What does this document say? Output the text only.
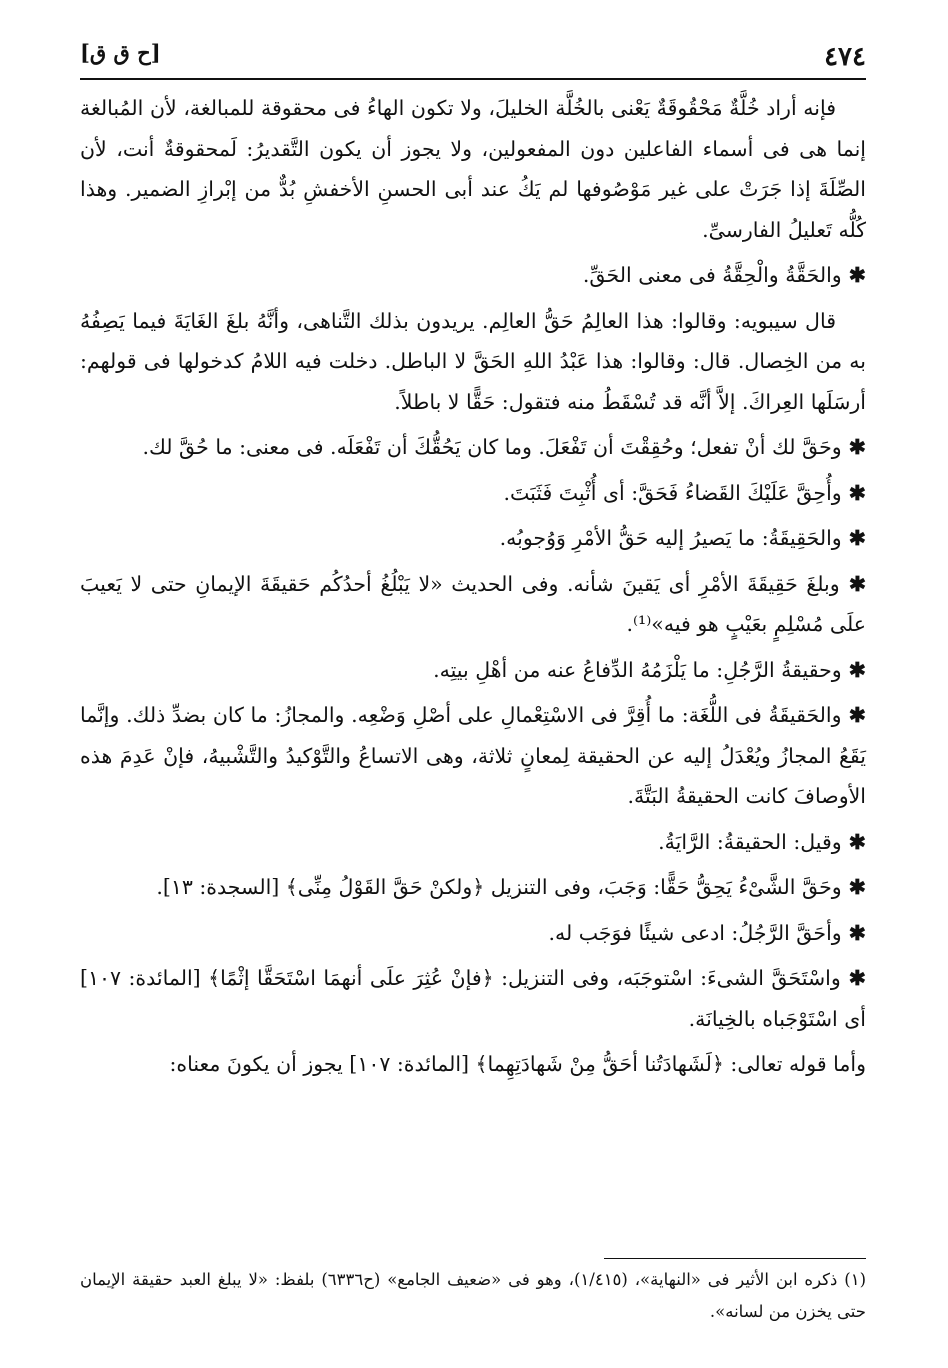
[ح ق ق]	٤٧٤

فإنه أراد خُلَّةٌ مَحْقُوقَةٌ يَعْنى بالخُلَّة الخليلَ، ولا تكون الهاءُ فى محقوقة للمبالغة، لأن المُبالغة إنما هى فى أسماء الفاعلين دون المفعولين، ولا يجوز أن يكون التَّقديرُ: لَمحقوقةٌ أنت، لأن الصِّلَةَ إذا جَرَتْ على غير مَوْصُوفها لم يَكُ عند أبى الحسنِ الأخفشِ بُدٌّ من إبْرازِ الضمير. وهذا كُلُّه تَعليلُ الفارسىِّ.

✱ والحَقَّةُ والْحِقَّةُ فى معنى الحَقِّ.

قال سيبويه: وقالوا: هذا العالِمُ حَقُّ العالِم. يريدون بذلك التَّناهى، وأنَّهُ بلغَ الغَايَةَ فيما يَصِفُهُ به من الخِصال. قال: وقالوا: هذا عَبْدُ اللهِ الحَقَّ لا الباطل. دخلت فيه اللامُ كدخولها فى قولهم: أرسَلَها العِراكَ. إلاَّ أنَّه قد تُسْقَطُ منه فتقول: حَقًّا لا باطلاً.

✱ وحَقَّ لك أنْ تفعل؛ وحُقِقْتَ أن تَفْعَلَ. وما كان يَحُقُّكَ أن تَفْعَلَه. فى معنى: ما حُقَّ لك.

✱ وأُحِقَّ عَلَيْكَ القَضاءُ فَحَقَّ: أى أُثْبِتَ فَثَبَتَ.

✱ والحَقِيقَةُ: ما يَصيرُ إليه حَقُّ الأمْرِ وَوُجوبُه.

✱ وبلغَ حَقِيقَةَ الأمْرِ أى يَقينَ شأنه. وفى الحديث «لا يَبْلُغُ أحدُكُم حَقيقَةَ الإيمانِ حتى لا يَعيبَ علَى مُسْلِمٍ بعَيْبٍ هو فيه»⁽¹⁾.

✱ وحقيقةُ الرَّجُلِ: ما يَلْزَمُهُ الدِّفاعُ عنه من أهْلِ بيتِه.

✱ والحَقيقَةُ فى اللُّغَة: ما أُقِرَّ فى الاسْتِعْمالِ على أصْلِ وَضْعِه. والمجازُ: ما كان بضدِّ ذلك. وإنَّما يَقَعُ المجازُ ويُعْدَلُ إليه عن الحقيقة لِمعانٍ ثلاثة، وهى الاتساعُ والتَّوْكيدُ والتَّشْبيهُ، فإنْ عَدِمَ هذه الأوصافَ كانت الحقيقةُ البَتَّةَ.

✱ وقيل: الحقيقةُ: الرَّايَةُ.

✱ وحَقَّ الشَّىْءُ يَحِقُّ حَقًّا: وَجَبَ، وفى التنزيل ﴿ولكنْ حَقَّ القَوْلُ مِنِّى﴾ [السجدة: ١٣].

✱ وأحَقَّ الرَّجُلُ: ادعى شيئًا فوَجَب له.

✱ واسْتَحَقَّ الشىءَ: اسْتوجَبَه، وفى التنزيل: ﴿فإنْ عُثِرَ علَى أنهمَا اسْتَحَقَّا إثْمًا﴾ [المائدة: ١٠٧] أى اسْتَوْجَباه بالخِيانَة.

وأما قوله تعالى: ﴿لَشَهادَتُنا أحَقُّ مِنْ شَهادَتِهِما﴾ [المائدة: ١٠٧] يجوز أن يكونَ معناه:

(١) ذكره ابن الأثير فى «النهاية»، (١/٤١٥)، وهو فى «ضعيف الجامع» (ح٦٣٣٦) بلفظ: «لا يبلغ العبد حقيقة الإيمان حتى يخزن من لسانه».
